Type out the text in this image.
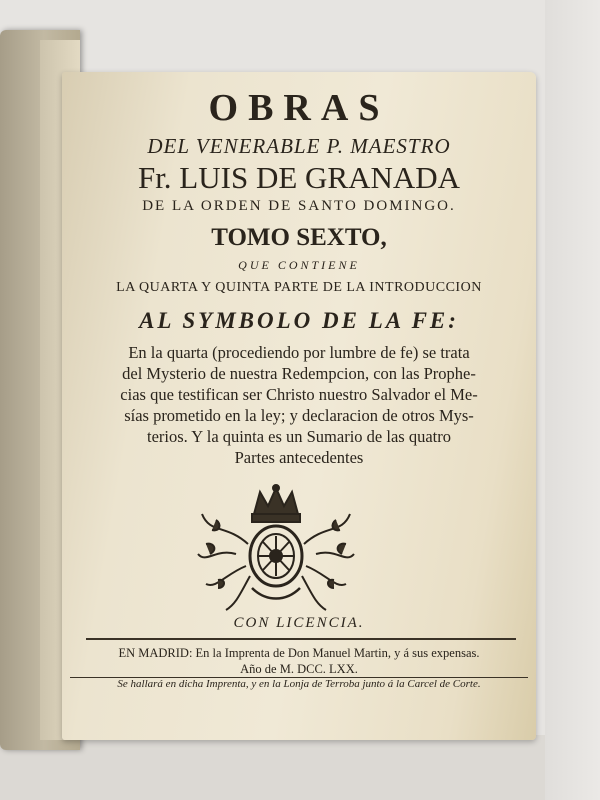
OBRAS
DEL VENERABLE P. MAESTRO
Fr. LUIS DE GRANADA
DE LA ORDEN DE SANTO DOMINGO.
TOMO SEXTO,
QUE CONTIENE
LA QUARTA Y QUINTA PARTE DE LA INTRODUCCION
AL SYMBOLO DE LA FE:
En la quarta (procediendo por lumbre de fe) se trata
del Mysterio de nuestra Redempcion, con las Prophe-
cias que testifican ser Christo nuestro Salvador el Me-
sías prometido en la ley; y declaracion de otros Mys-
terios. Y la quinta es un Sumario de las quatro
Partes antecedentes
CON LICENCIA.
EN MADRID: En la Imprenta de Don Manuel Martin, y á sus expensas.
Año de M. DCC. LXX.
Se hallará en dicha Imprenta, y en la Lonja de Terroba junto á la Carcel de Corte.
